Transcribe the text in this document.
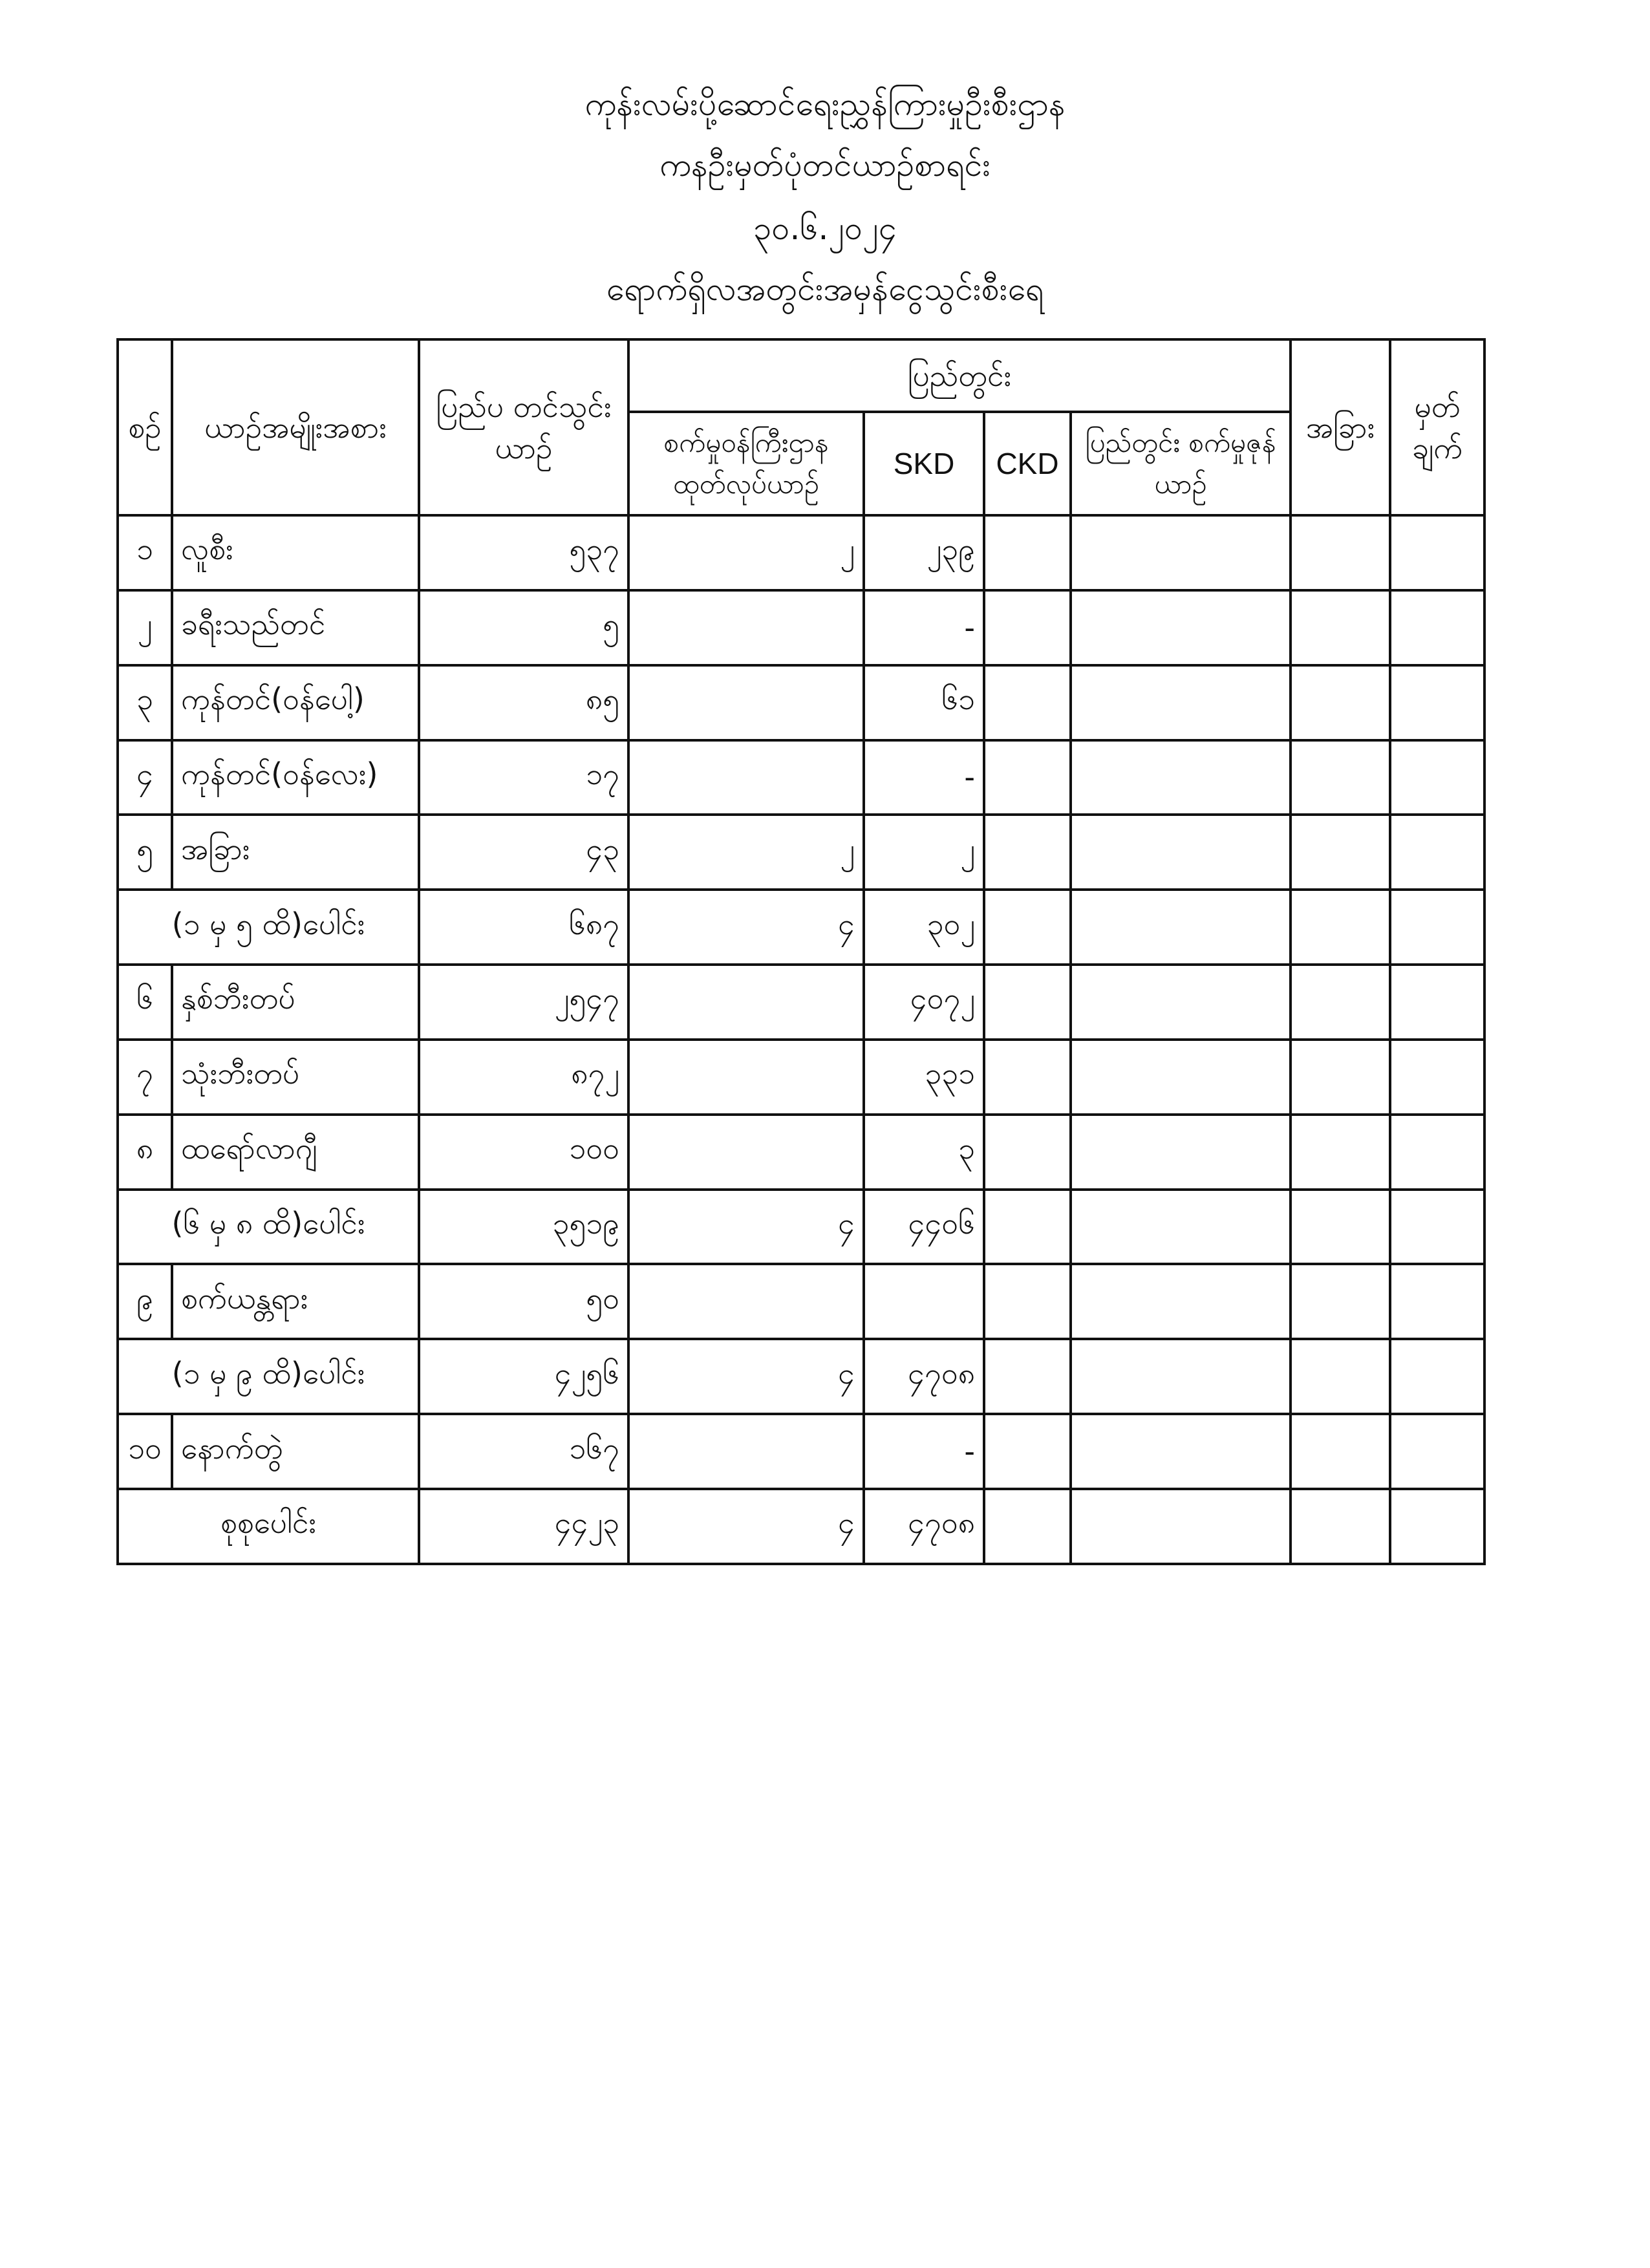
ကုန်းလမ်းပို့ဆောင်ရေးညွှန်ကြားမှုဦးစီးဌာန
ကနဦးမှတ်ပုံတင်ယာဉ်စာရင်း
၃၀.၆.၂၀၂၄
ရောက်ရှိလအတွင်းအမှန်ငွေသွင်းစီးရေ
စဉ်	ယာဉ်အမျိုးအစား	ပြည်ပ တင်သွင်းယာဉ်	ပြည်တွင်း				အခြား	မှတ် ချက်
			စက်မှုဝန်ကြီးဌာန ထုတ်လုပ်ယာဉ်	SKD	CKD	ပြည်တွင်း စက်မှုဇုန်ယာဉ်		
၁	လူစီး	၅၃၇	၂	၂၃၉				
၂	ခရီးသည်တင်	၅		-				
၃	ကုန်တင်(ဝန်ပေါ့)	၈၅		၆၁				
၄	ကုန်တင်(ဝန်လေး)	၁၇		-				
၅	အခြား	၄၃	၂	၂				
(၁ မှ ၅ ထိ)ပေါင်း		၆၈၇	၄	၃၀၂				
၆	နှစ်ဘီးတပ်	၂၅၄၇		၄၀၇၂				
၇	သုံးဘီးတပ်	၈၇၂		၃၃၁				
၈	ထရော်လာဂျီ	၁၀၀		၃				
(၆ မှ ၈ ထိ)ပေါင်း		၃၅၁၉	၄	၄၄၀၆				
၉	စက်ယန္တရား	၅၀						
(၁ မှ ၉ ထိ)ပေါင်း		၄၂၅၆	၄	၄၇၀၈				
၁၀	နောက်တွဲ	၁၆၇		-				
စုစုပေါင်း		၄၄၂၃	၄	၄၇၀၈				
